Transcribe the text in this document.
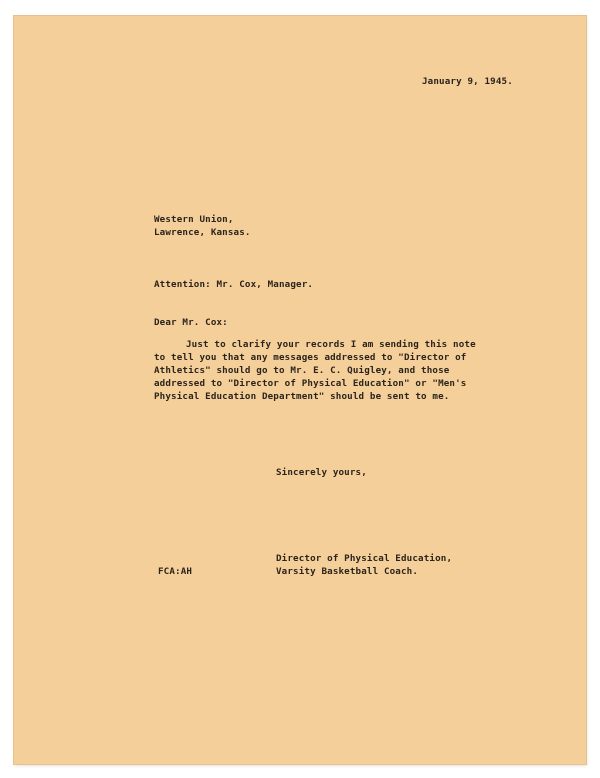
January 9, 1945.

Western Union,

Lawrence, Kansas.

Attention: Mr. Cox, Manager.

Dear Mr. Cox:

Just to clarify your records I am sending this note

to tell you that any messages addressed to "Director of

Athletics" should go to Mr. E. C. Quigley, and those

addressed to "Director of Physical Education" or "Men's

Physical Education Department" should be sent to me.

Sincerely yours,

Director of Physical Education,

Varsity Basketball Coach.

FCA:AH
